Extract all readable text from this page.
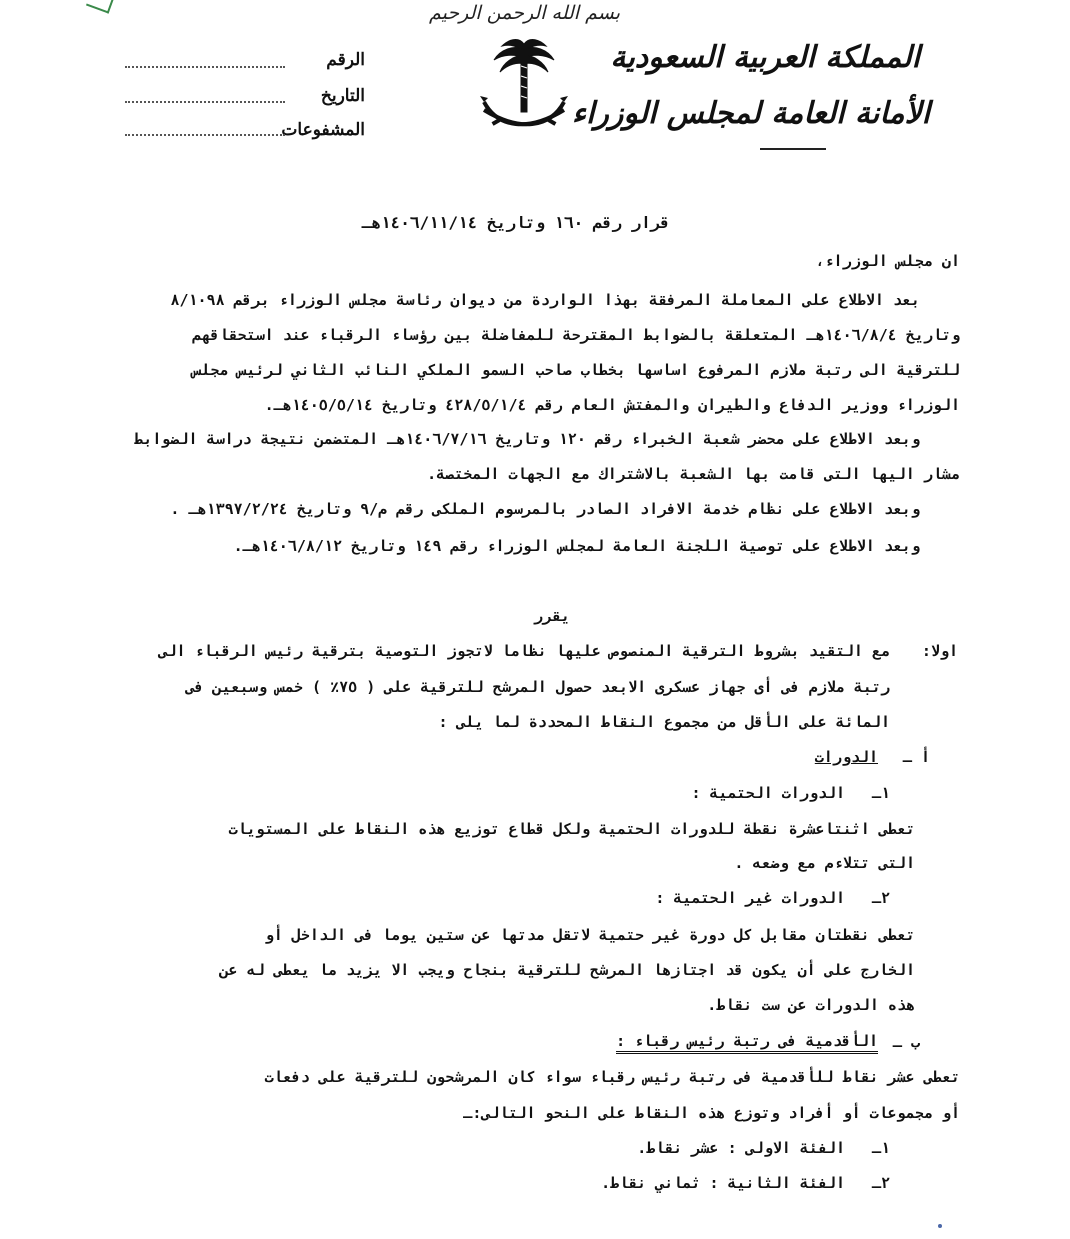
بسم الله الرحمن الرحيم
المملكة العربية السعودية
الأمانة العامة لمجلس الوزراء
الرقم
التاريخ
المشفوعات
قرار رقم ١٦٠ وتاريخ ١٤٠٦/١١/١٤هـ
ان مجلس الوزراء،
بعد الاطلاع على المعاملة المرفقة بهذا الواردة من ديوان رئاسة مجلس الوزراء برقم ٨/١٠٩٨
وتاريخ ١٤٠٦/٨/٤هـ المتعلقة بالضوابط المقترحة للمفاضلة بين رؤساء الرقباء عند استحقاقهم
للترقية الى رتبة ملازم المرفوع اساسها بخطاب صاحب السمو الملكي النائب الثاني لرئيس مجلس
الوزراء ووزير الدفاع والطيران والمفتش العام رقم ٤٢٨/٥/١/٤ وتاريخ ١٤٠٥/٥/١٤هـ.
وبعد الاطلاع على محضر شعبة الخبراء رقم ١٢٠ وتاريخ ١٤٠٦/٧/١٦هـ المتضمن نتيجة دراسة الضوابط
مشار اليها التى قامت بها الشعبة بالاشتراك مع الجهات المختصة.
وبعد الاطلاع على نظام خدمة الافراد الصادر بالمرسوم الملكى رقم م/٩ وتاريخ ١٣٩٧/٢/٢٤هـ .
وبعد الاطلاع على توصية اللجنة العامة لمجلس الوزراء رقم ١٤٩ وتاريخ ١٤٠٦/٨/١٢هـ.
يقرر
اولا:
مع التقيد بشروط الترقية المنصوص عليها نظاما لاتجوز التوصية بترقية رئيس الرقباء الى
رتبة ملازم فى أى جهاز عسكرى الابعد حصول المرشح للترقية على ( ٧٥٪ ) خمس وسبعين فى
المائة على الأقل من مجموع النقاط المحددة لما يلى :
أ ـ
الدورات
١ـ
الدورات الحتمية :
تعطى اثنتاعشرة نقطة للدورات الحتمية ولكل قطاع توزيع هذه النقاط على المستويات
التى تتلاءم مع وضعه .
٢ـ
الدورات غير الحتمية :
تعطى نقطتان مقابل كل دورة غير حتمية لاتقل مدتها عن ستين يوما فى الداخل أو
الخارج على أن يكون قد اجتازها المرشح للترقية بنجاح ويجب الا يزيد ما يعطى له عن
هذه الدورات عن ست نقاط.
ب ـ
الأقدمية فى رتبة رئيس رقباء :
تعطى عشر نقاط للأقدمية فى رتبة رئيس رقباء سواء كان المرشحون للترقية على دفعات
أو مجموعات أو أفراد وتوزع هذه النقاط على النحو التالى:ـ
١ـ
الفئة الاولى : عشر نقاط.
٢ـ
الفئة الثانية : ثماني نقاط.
